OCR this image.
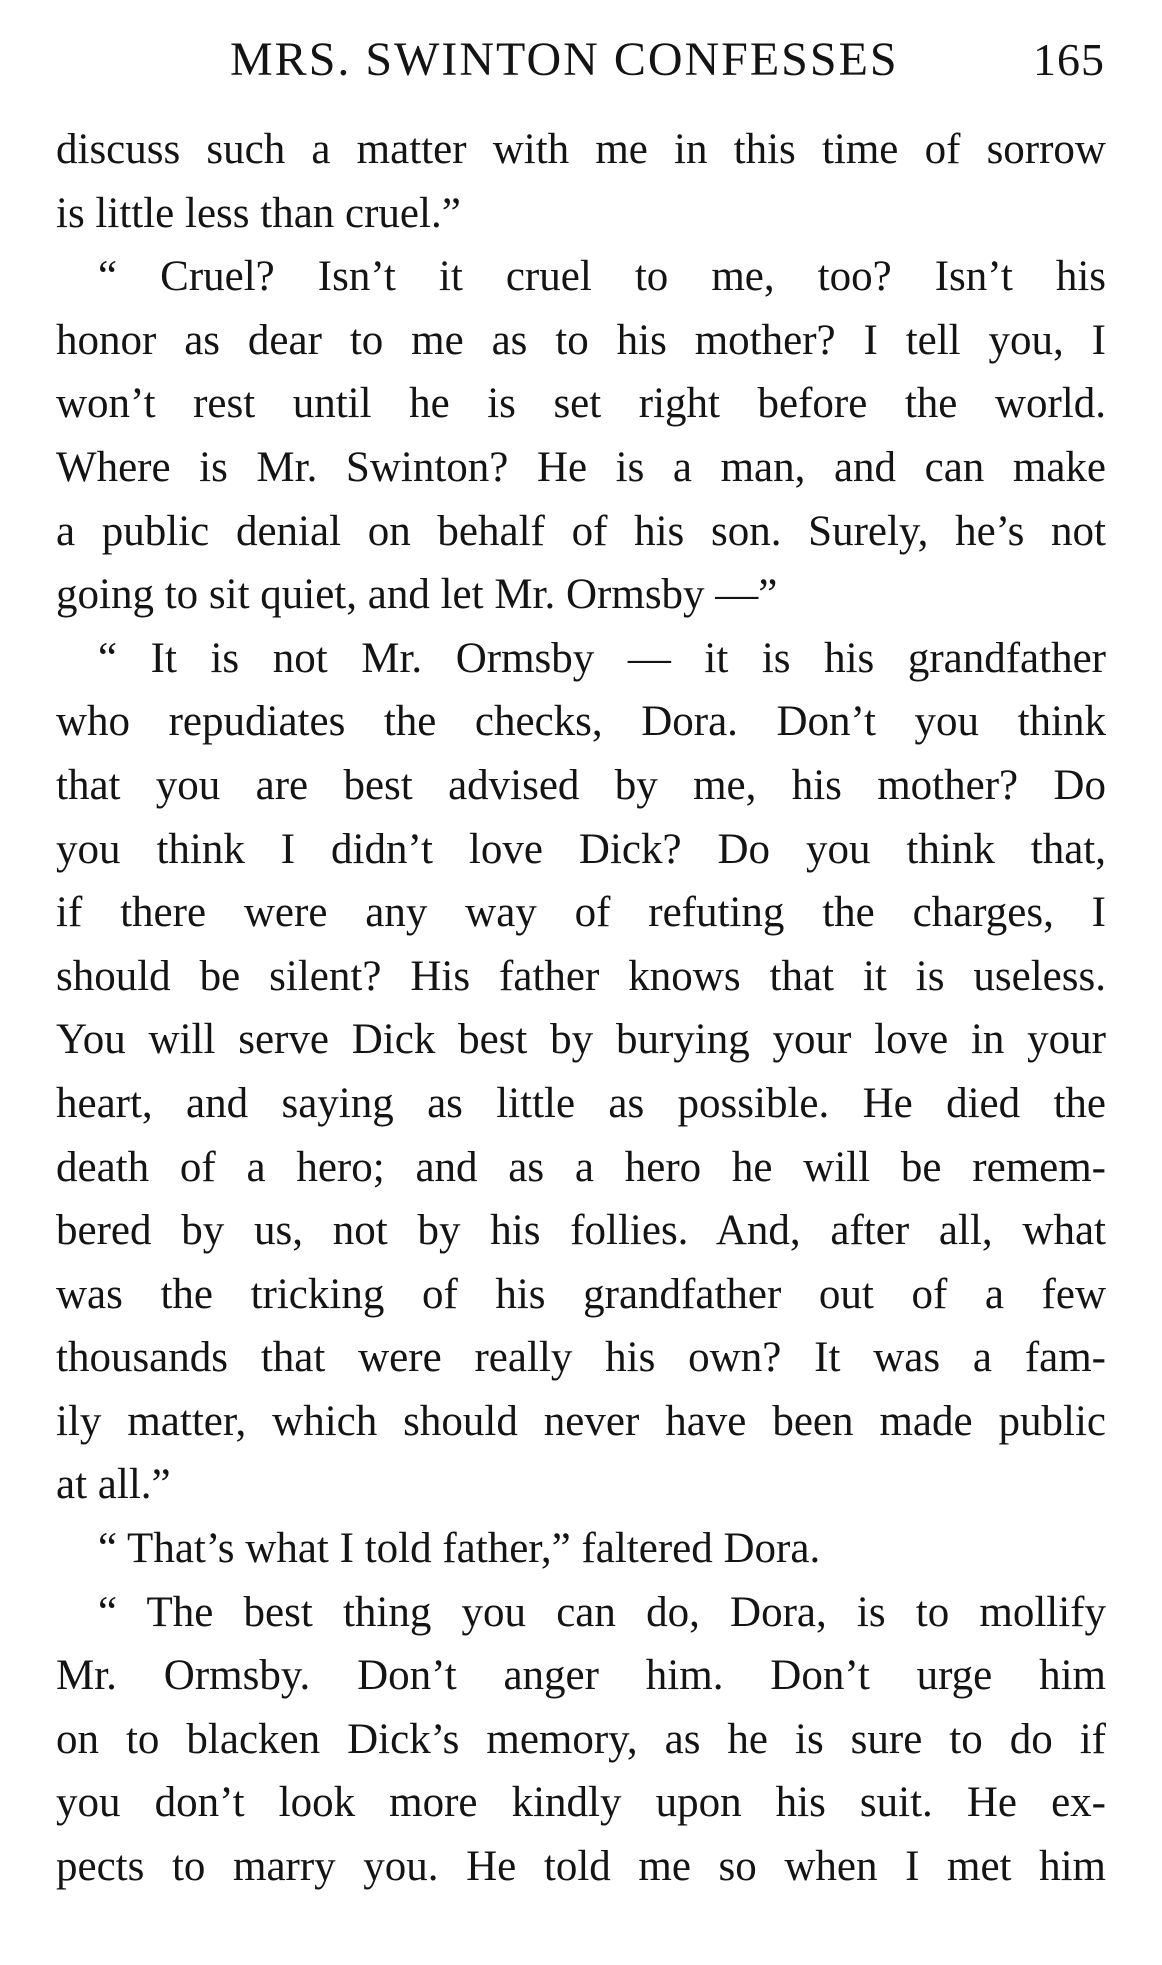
MRS. SWINTON CONFESSES	165
discuss such a matter with me in this time of sorrow
is little less than cruel.”
“ Cruel? Isn’t it cruel to me, too? Isn’t his
honor as dear to me as to his mother? I tell you, I
won’t rest until he is set right before the world.
Where is Mr. Swinton? He is a man, and can make
a public denial on behalf of his son. Surely, he’s not
going to sit quiet, and let Mr. Ormsby —”
“ It is not Mr. Ormsby — it is his grandfather
who repudiates the checks, Dora. Don’t you think
that you are best advised by me, his mother? Do
you think I didn’t love Dick? Do you think that,
if there were any way of refuting the charges, I
should be silent? His father knows that it is useless.
You will serve Dick best by burying your love in your
heart, and saying as little as possible. He died the
death of a hero; and as a hero he will be remem-
bered by us, not by his follies. And, after all, what
was the tricking of his grandfather out of a few
thousands that were really his own? It was a fam-
ily matter, which should never have been made public
at all.”
“ That’s what I told father,” faltered Dora.
“ The best thing you can do, Dora, is to mollify
Mr. Ormsby. Don’t anger him. Don’t urge him
on to blacken Dick’s memory, as he is sure to do if
you don’t look more kindly upon his suit. He ex-
pects to marry you. He told me so when I met him
